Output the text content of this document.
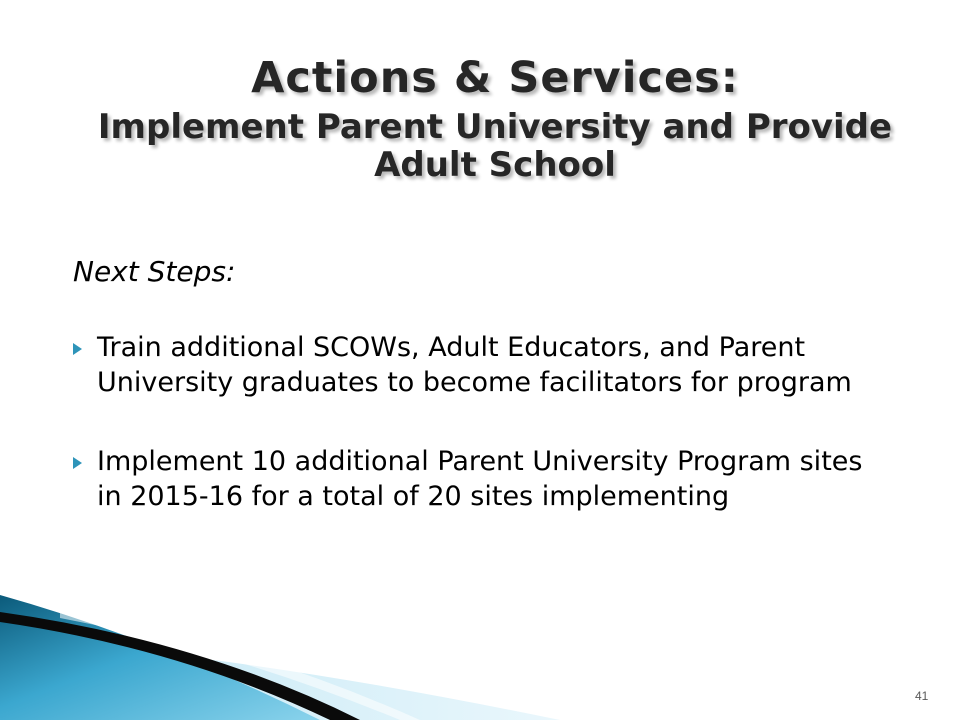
Actions & Services:
Implement Parent University and Provide Adult School
Next Steps:
Train additional SCOWs, Adult Educators, and Parent University graduates to become facilitators for program
Implement 10 additional Parent University Program sites in 2015-16 for a total of 20 sites implementing
41
